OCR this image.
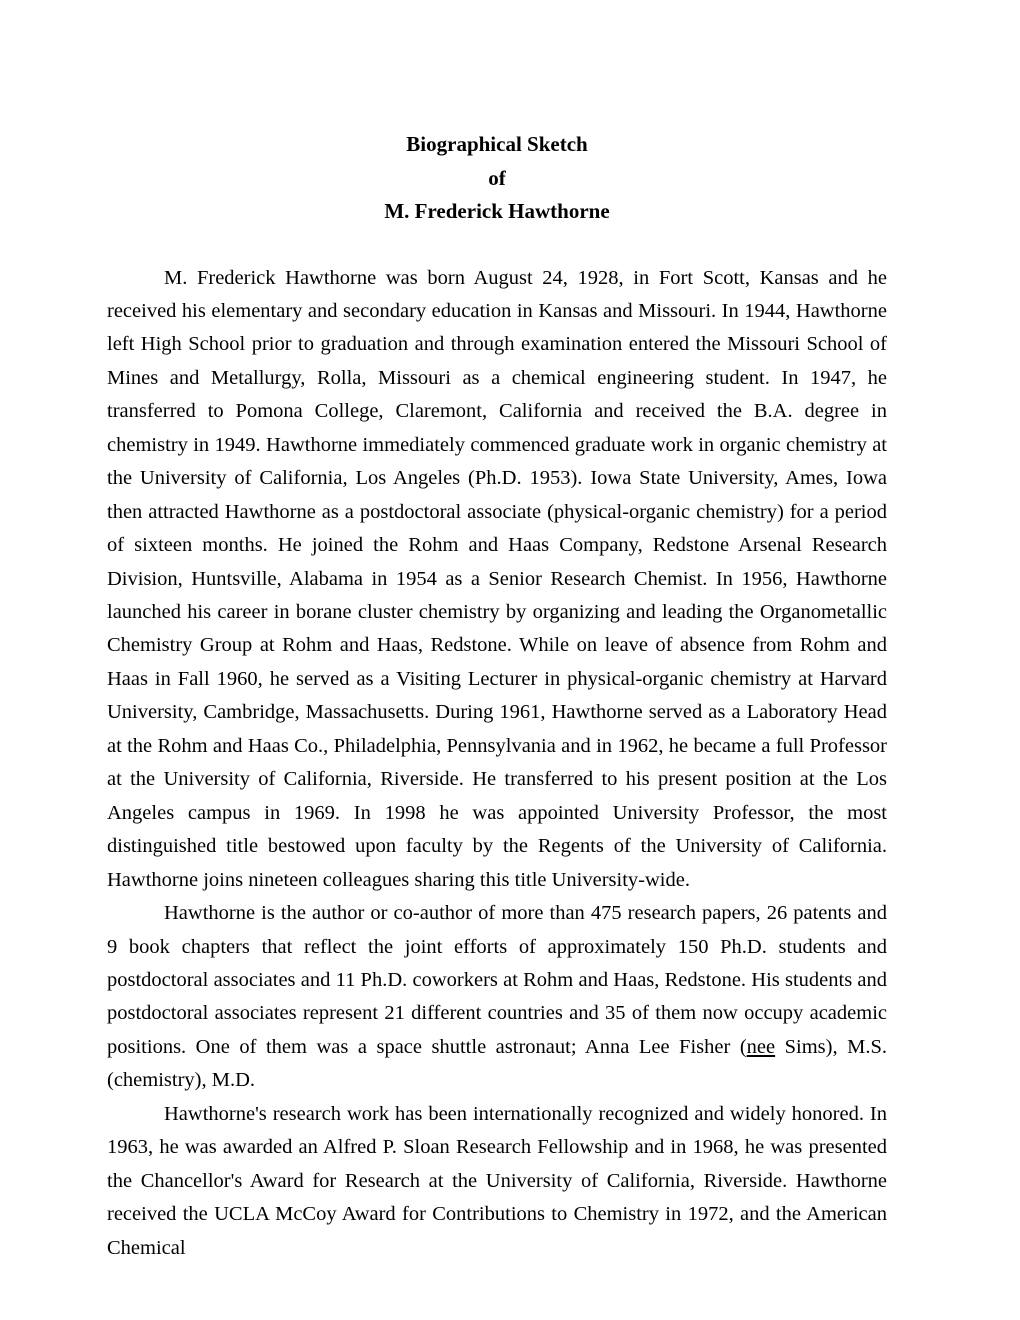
Biographical Sketch
of
M. Frederick Hawthorne

M. Frederick Hawthorne was born August 24, 1928, in Fort Scott, Kansas and he received his elementary and secondary education in Kansas and Missouri. In 1944, Hawthorne left High School prior to graduation and through examination entered the Missouri School of Mines and Metallurgy, Rolla, Missouri as a chemical engineering student. In 1947, he transferred to Pomona College, Claremont, California and received the B.A. degree in chemistry in 1949. Hawthorne immediately commenced graduate work in organic chemistry at the University of California, Los Angeles (Ph.D. 1953). Iowa State University, Ames, Iowa then attracted Hawthorne as a postdoctoral associate (physical-organic chemistry) for a period of sixteen months. He joined the Rohm and Haas Company, Redstone Arsenal Research Division, Huntsville, Alabama in 1954 as a Senior Research Chemist. In 1956, Hawthorne launched his career in borane cluster chemistry by organizing and leading the Organometallic Chemistry Group at Rohm and Haas, Redstone. While on leave of absence from Rohm and Haas in Fall 1960, he served as a Visiting Lecturer in physical-organic chemistry at Harvard University, Cambridge, Massachusetts. During 1961, Hawthorne served as a Laboratory Head at the Rohm and Haas Co., Philadelphia, Pennsylvania and in 1962, he became a full Professor at the University of California, Riverside. He transferred to his present position at the Los Angeles campus in 1969. In 1998 he was appointed University Professor, the most distinguished title bestowed upon faculty by the Regents of the University of California. Hawthorne joins nineteen colleagues sharing this title University-wide.

Hawthorne is the author or co-author of more than 475 research papers, 26 patents and 9 book chapters that reflect the joint efforts of approximately 150 Ph.D. students and postdoctoral associates and 11 Ph.D. coworkers at Rohm and Haas, Redstone. His students and postdoctoral associates represent 21 different countries and 35 of them now occupy academic positions. One of them was a space shuttle astronaut; Anna Lee Fisher (nee Sims), M.S. (chemistry), M.D.

Hawthorne's research work has been internationally recognized and widely honored. In 1963, he was awarded an Alfred P. Sloan Research Fellowship and in 1968, he was presented the Chancellor's Award for Research at the University of California, Riverside. Hawthorne received the UCLA McCoy Award for Contributions to Chemistry in 1972, and the American Chemical
